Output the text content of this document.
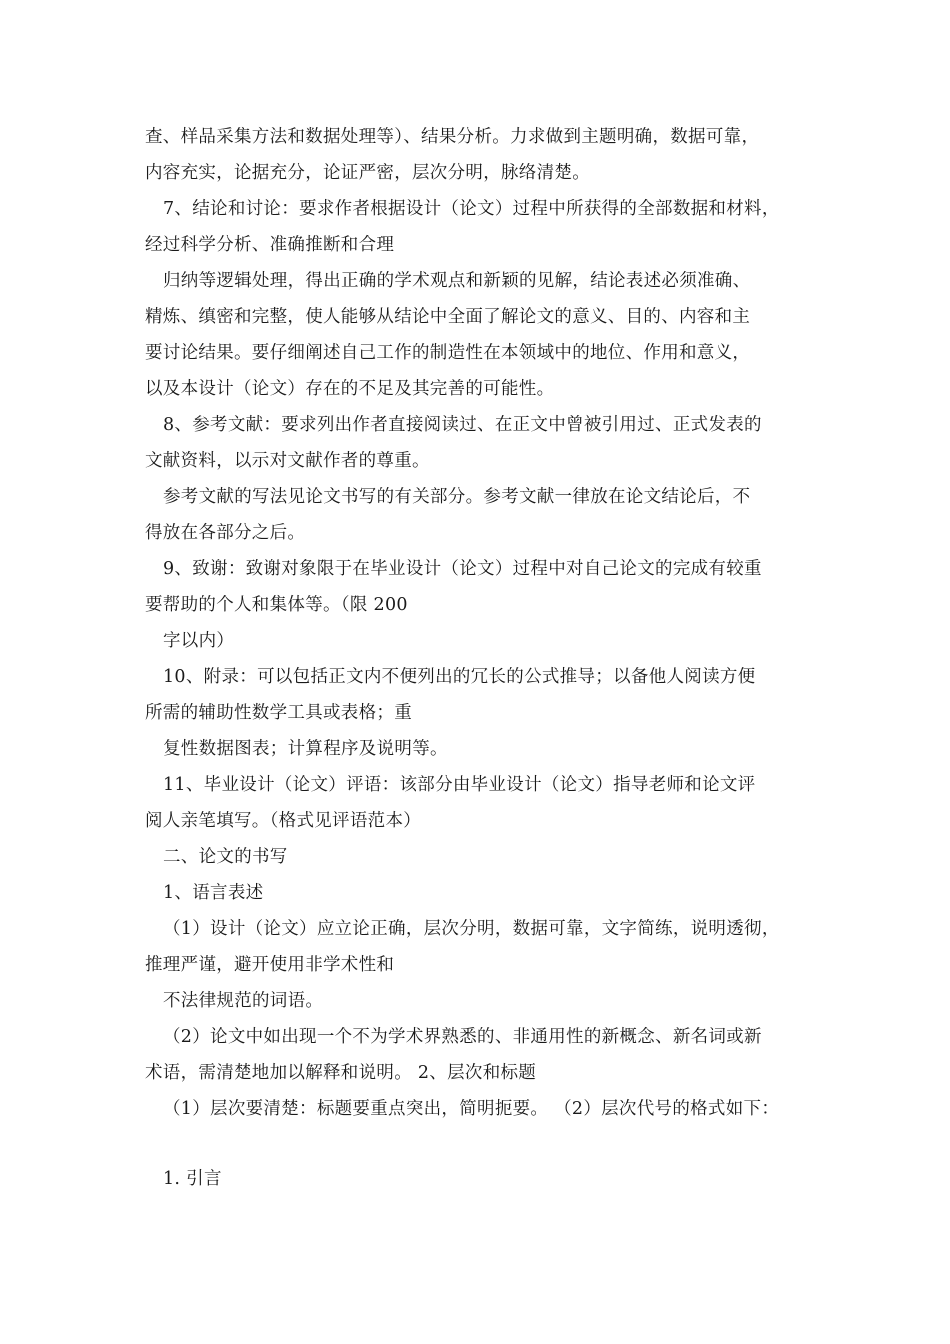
查、样品采集方法和数据处理等）、结果分析。力求做到主题明确，数据可靠，
内容充实，论据充分，论证严密，层次分明，脉络清楚。
7、结论和讨论：要求作者根据设计（论文）过程中所获得的全部数据和材料，
经过科学分析、准确推断和合理
归纳等逻辑处理，得出正确的学术观点和新颖的见解，结论表述必须准确、
精炼、缜密和完整，使人能够从结论中全面了解论文的意义、目的、内容和主
要讨论结果。要仔细阐述自己工作的制造性在本领域中的地位、作用和意义，
以及本设计（论文）存在的不足及其完善的可能性。
8、参考文献：要求列出作者直接阅读过、在正文中曾被引用过、正式发表的
文献资料，以示对文献作者的尊重。
参考文献的写法见论文书写的有关部分。参考文献一律放在论文结论后，不
得放在各部分之后。
9、致谢：致谢对象限于在毕业设计（论文）过程中对自己论文的完成有较重
要帮助的个人和集体等。（限 200
字以内）
10、附录：可以包括正文内不便列出的冗长的公式推导；以备他人阅读方便
所需的辅助性数学工具或表格；重
复性数据图表；计算程序及说明等。
11、毕业设计（论文）评语：该部分由毕业设计（论文）指导老师和论文评
阅人亲笔填写。（格式见评语范本）
二、论文的书写
1、语言表述
（1）设计（论文）应立论正确，层次分明，数据可靠，文字简练，说明透彻，
推理严谨，避开使用非学术性和
不法律规范的词语。
（2）论文中如出现一个不为学术界熟悉的、非通用性的新概念、新名词或新
术语，需清楚地加以解释和说明。 2、层次和标题
（1）层次要清楚：标题要重点突出，简明扼要。 （2）层次代号的格式如下：
1. 引言
